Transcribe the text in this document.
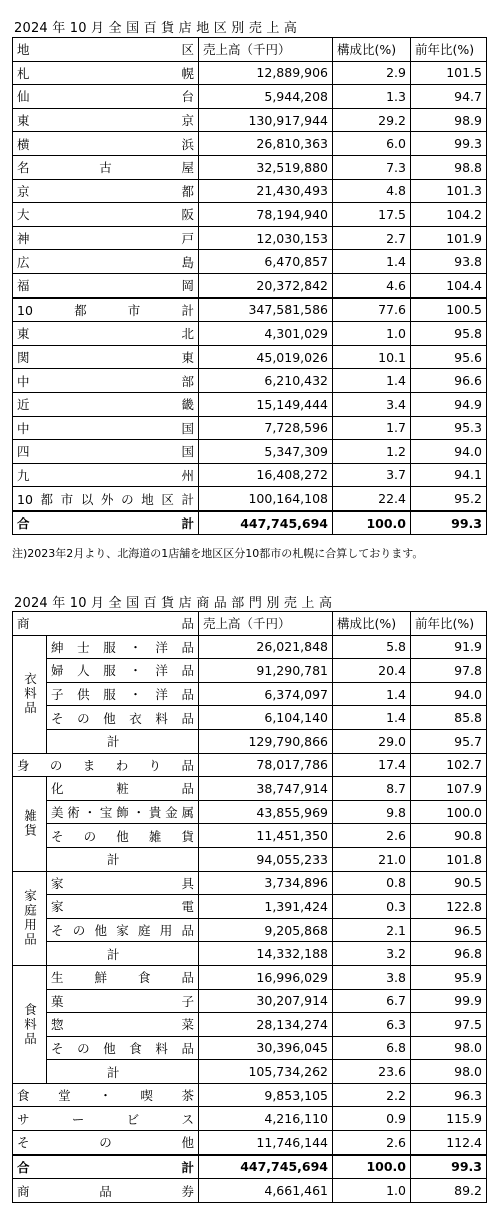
2024 年 10 月 全 国 百 貨 店 地 区 別 売 上 高
地 区	売上高（千円）	構成比(%)	前年比(%)
札幌	12,889,906	2.9	101.5
仙台	5,944,208	1.3	94.7
東京	130,917,944	29.2	98.9
横浜	26,810,363	6.0	99.3
名古屋	32,519,880	7.3	98.8
京都	21,430,493	4.8	101.3
大阪	78,194,940	17.5	104.2
神戸	12,030,153	2.7	101.9
広島	6,470,857	1.4	93.8
福岡	20,372,842	4.6	104.4
10都市計	347,581,586	77.6	100.5
東北	4,301,029	1.0	95.8
関東	45,019,026	10.1	95.6
中部	6,210,432	1.4	96.6
近畿	15,149,444	3.4	94.9
中国	7,728,596	1.7	95.3
四国	5,347,309	1.2	94.0
九州	16,408,272	3.7	94.1
10都市以外の地区計	100,164,108	22.4	95.2
合計	447,745,694	100.0	99.3
注)2023年2月より、北海道の1店舗を地区区分10都市の札幌に合算しております。
2024 年 10 月 全 国 百 貨 店 商 品 部 門 別 売 上 高
商 品		売上高（千円）	構成比(%)	前年比(%)
衣料品	紳士服・洋品	26,021,848	5.8	91.9
	婦人服・洋品	91,290,781	20.4	97.8
	子供服・洋品	6,374,097	1.4	94.0
	その他衣料品	6,104,140	1.4	85.8
	計	129,790,866	29.0	95.7
身のまわり品		78,017,786	17.4	102.7
雑貨	化粧品	38,747,914	8.7	107.9
	美術・宝飾・貴金属	43,855,969	9.8	100.0
	その他雑貨	11,451,350	2.6	90.8
	計	94,055,233	21.0	101.8
家庭用品	家具	3,734,896	0.8	90.5
	家電	1,391,424	0.3	122.8
	その他家庭用品	9,205,868	2.1	96.5
	計	14,332,188	3.2	96.8
食料品	生鮮食品	16,996,029	3.8	95.9
	菓子	30,207,914	6.7	99.9
	惣菜	28,134,274	6.3	97.5
	その他食料品	30,396,045	6.8	98.0
	計	105,734,262	23.6	98.0
食堂・喫茶		9,853,105	2.2	96.3
サービス		4,216,110	0.9	115.9
その他		11,746,144	2.6	112.4
合計		447,745,694	100.0	99.3
商品券		4,661,461	1.0	89.2
